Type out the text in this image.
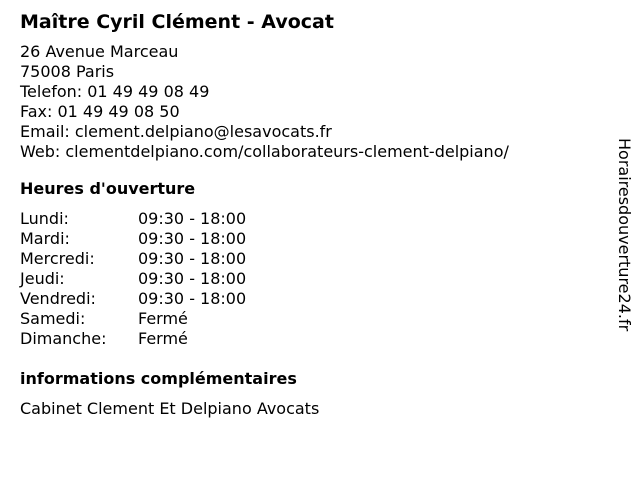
Maître Cyril Clément - Avocat
26 Avenue Marceau
75008 Paris
Telefon: 01 49 49 08 49
Fax: 01 49 49 08 50
Email: clement.delpiano@lesavocats.fr
Web: clementdelpiano.com/collaborateurs-clement-delpiano/
Heures d'ouverture
Lundi:	09:30 - 18:00
Mardi:	09:30 - 18:00
Mercredi:	09:30 - 18:00
Jeudi:	09:30 - 18:00
Vendredi:	09:30 - 18:00
Samedi:	Fermé
Dimanche:	Fermé
informations complémentaires
Cabinet Clement Et Delpiano Avocats
Horairesdouverture24.fr
